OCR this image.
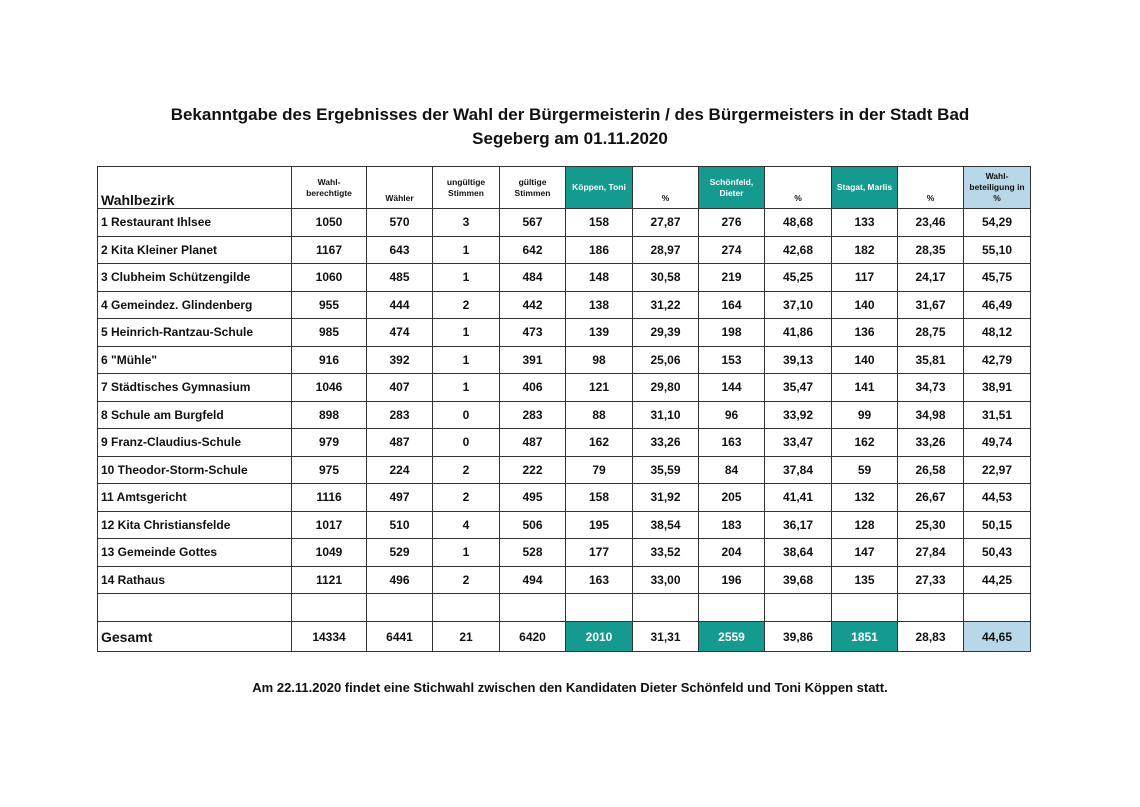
Bekanntgabe des Ergebnisses der Wahl der Bürgermeisterin / des Bürgermeisters in der Stadt Bad
Segeberg am 01.11.2020
Wahlbezirk	Wahl-berechtigte	Wähler	ungültige Stimmen	gültige Stimmen	Köppen, Toni	%	Schönfeld, Dieter	%	Stagat, Marlis	%	Wahl-beteiligung in %
1 Restaurant Ihlsee	1050	570	3	567	158	27,87	276	48,68	133	23,46	54,29
2 Kita Kleiner Planet	1167	643	1	642	186	28,97	274	42,68	182	28,35	55,10
3 Clubheim Schützengilde	1060	485	1	484	148	30,58	219	45,25	117	24,17	45,75
4 Gemeindez. Glindenberg	955	444	2	442	138	31,22	164	37,10	140	31,67	46,49
5 Heinrich-Rantzau-Schule	985	474	1	473	139	29,39	198	41,86	136	28,75	48,12
6 "Mühle"	916	392	1	391	98	25,06	153	39,13	140	35,81	42,79
7 Städtisches Gymnasium	1046	407	1	406	121	29,80	144	35,47	141	34,73	38,91
8 Schule am Burgfeld	898	283	0	283	88	31,10	96	33,92	99	34,98	31,51
9 Franz-Claudius-Schule	979	487	0	487	162	33,26	163	33,47	162	33,26	49,74
10 Theodor-Storm-Schule	975	224	2	222	79	35,59	84	37,84	59	26,58	22,97
11 Amtsgericht	1116	497	2	495	158	31,92	205	41,41	132	26,67	44,53
12 Kita Christiansfelde	1017	510	4	506	195	38,54	183	36,17	128	25,30	50,15
13 Gemeinde Gottes	1049	529	1	528	177	33,52	204	38,64	147	27,84	50,43
14 Rathaus	1121	496	2	494	163	33,00	196	39,68	135	27,33	44,25

Gesamt	14334	6441	21	6420	2010	31,31	2559	39,86	1851	28,83	44,65
Am 22.11.2020 findet eine Stichwahl zwischen den Kandidaten Dieter Schönfeld und Toni Köppen statt.
